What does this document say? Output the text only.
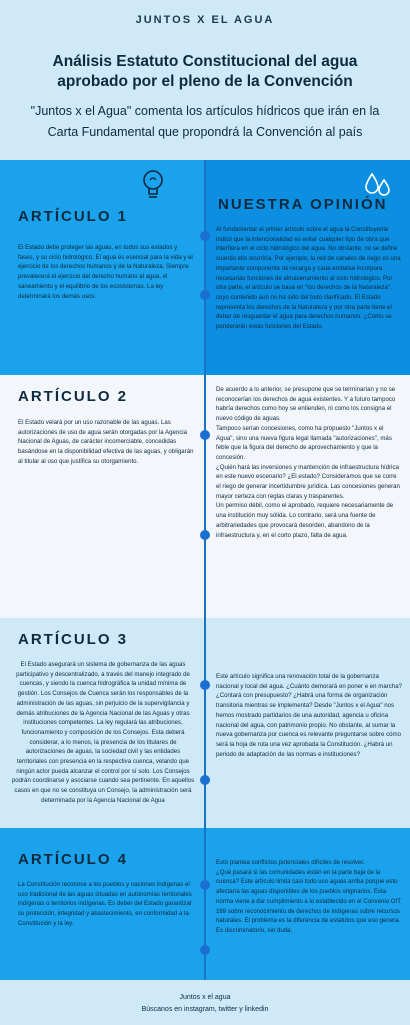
JUNTOS X EL AGUA
Análisis Estatuto Constitucional del agua aprobado por el pleno de la Convención
"Juntos x el Agua" comenta los artículos hídricos que irán en la Carta Fundamental que propondrá la Convención al país
ARTÍCULO 1
NUESTRA OPINIÓN
El Estado debe proteger las aguas, en todos sus estados y fases, y su ciclo hidrológico. El agua es esencial para la vida y el ejercicio de los derechos humanos y de la Naturaleza. Siempre prevalecerá el ejercicio del derecho humano al agua, el saneamiento y el equilibrio de los ecosistemas. La ley determinará los demás usos.
Al fundamentar el primer artículo sobre el agua la Constituyente indicó que la intencionalidad es evitar cualquier tipo de obra que interfiera en el ciclo hidrológico del agua. No obstante, no se define cuando ello ocurriría. Por ejemplo, la red de canales de riego es una importante componente de recarga y cada embalse incorpora necesarias funciones de almacenamiento al ciclo hidrológico. Por otra parte, el artículo se basa en "los derechos de la Naturaleza", cuyo contenido aun no ha sido del todo clarificado. El Estado representa los derechos de la Naturaleza y por otra parte tiene el deber de resguardar el agua para derechos humanos. ¿Cómo se ponderarán estas funciones del Estado.
ARTÍCULO 2
El Estado velará por un uso razonable de las aguas. Las autorizaciones de uso de agua serán otorgadas por la Agencia Nacional de Aguas, de carácter incomerciable, concedidas basándose en la disponibilidad efectiva de las aguas, y obligarán al titular al uso que justifica su otorgamiento.
De acuerdo a lo anterior, se presupone que se terminarían y no se reconocerían los derechos de agua existentes. Y a futuro tampoco habría derechos como hoy se entienden, ni como los consigna el nuevo código de aguas.
Tampoco serían concesiones, como ha propuesto "Juntos x el Agua", sino una nueva figura legal llamada "autorizaciones", más feble que la figura del derecho de aprovechamiento y que la concesión.
¿Quién hará las inversiones y mantención de infraestructura hídrica en este nuevo escenario? ¿El estado? Consideramos que se corre el riego de generar incertidumbre jurídica. Las concesiones generan mayor certeza con reglas claras y trasparentes.
Un permiso débil, como el aprobado, requiere necesariamente de una institución muy sólida. Lo contrario, será una fuente de arbitrariedades que provocará desorden, abandono de la infraestructura y, en el corto plazo, falta de agua.
ARTÍCULO 3
El Estado asegurará un sistema de gobernanza de las aguas participativo y descentralizado, a través del manejo integrado de cuencas, y siendo la cuenca hidrográfica la unidad mínima de gestión. Los Consejos de Cuenca serán los responsables de la administración de las aguas, sin perjuicio de la supervigilancia y demás atribuciones de la Agencia Nacional de las Aguas y otras instituciones competentes. La ley regulará las atribuciones, funcionamiento y composición de los Consejos. Esta deberá considerar, a lo menos, la presencia de los titulares de autorizaciones de aguas, la sociedad civil y las entidades territoriales con presencia en la respectiva cuenca, velando que ningún actor pueda alcanzar el control por sí solo. Los Consejos podrán coordinarse y asociarse cuando sea pertinente. En aquellos casos en que no se constituya un Consejo, la administración será determinada por la Agencia Nacional de Agua
Este artículo significa una renovación total de la gobernanza nacional y local del agua. ¿Cuánto demorará en poner e en marcha? ¿Contará con presupuesto? ¿Habrá una forma de organización transitoria mientras se implementa? Desde "Juntos x el Agua" nos hemos mostrado partidarios de una autoridad, agencia u oficina nacional del agua, con patrimonio propio. No obstante, al sumar la nueva gobernanza por cuenca es relevante preguntarse sobre cómo será la hoja de ruta una vez aprobada la Constitución. ¿Habrá un periodo de adaptación de las normas e instituciones?
ARTÍCULO 4
La Constitución reconoce a los pueblos y naciones indígenas el uso tradicional de las aguas situadas en autonomías territoriales indígenas o territorios indígenas. Es deber del Estado garantizar su protección, integridad y abastecimiento, en conformidad a la Constitución y la ley.
Esto plantea conflictos potenciales difíciles de resolver.
¿Qué pasará si las comunidades están en la parte baja de la cuenca? Este artículo limita casi todo uso aguas arriba porque esto afectaría las aguas disponibles de los pueblos originarios. Esta norma viene a dar cumplimiento a lo establecido en el Convenio OIT 169 sobre reconocimiento de derechos de indígenas sobre recursos naturales. El problema es la diferencia de estatutos que eso genera. Es discriminatorio, sin duda.
Juntos x el agua
Bùscanos en instagram, twitter y linkedin
